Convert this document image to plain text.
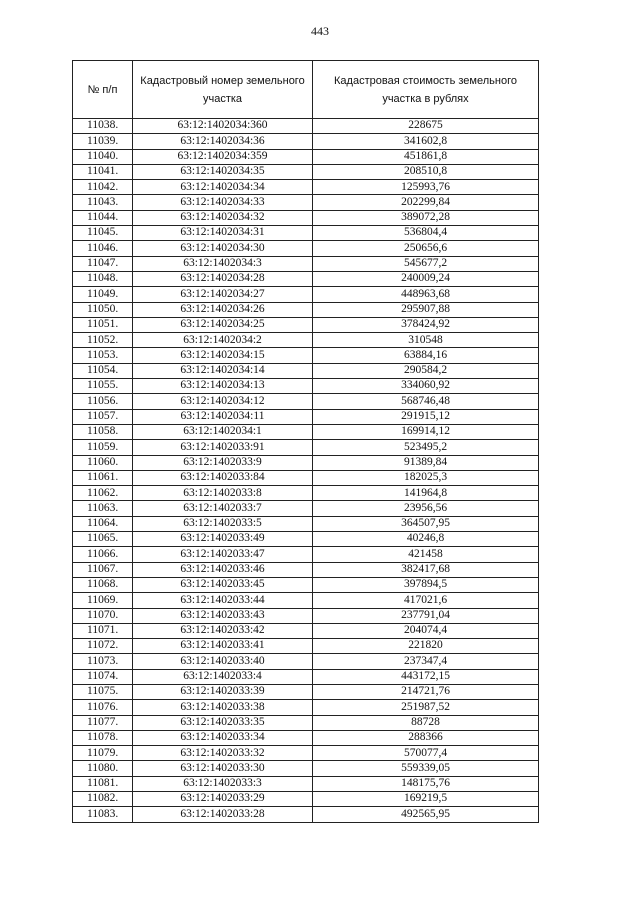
443
№ п/п	Кадастровый номер земельного участка	Кадастровая стоимость земельного участка в рублях
11038.	63:12:1402034:360	228675
11039.	63:12:1402034:36	341602,8
11040.	63:12:1402034:359	451861,8
11041.	63:12:1402034:35	208510,8
11042.	63:12:1402034:34	125993,76
11043.	63:12:1402034:33	202299,84
11044.	63:12:1402034:32	389072,28
11045.	63:12:1402034:31	536804,4
11046.	63:12:1402034:30	250656,6
11047.	63:12:1402034:3	545677,2
11048.	63:12:1402034:28	240009,24
11049.	63:12:1402034:27	448963,68
11050.	63:12:1402034:26	295907,88
11051.	63:12:1402034:25	378424,92
11052.	63:12:1402034:2	310548
11053.	63:12:1402034:15	63884,16
11054.	63:12:1402034:14	290584,2
11055.	63:12:1402034:13	334060,92
11056.	63:12:1402034:12	568746,48
11057.	63:12:1402034:11	291915,12
11058.	63:12:1402034:1	169914,12
11059.	63:12:1402033:91	523495,2
11060.	63:12:1402033:9	91389,84
11061.	63:12:1402033:84	182025,3
11062.	63:12:1402033:8	141964,8
11063.	63:12:1402033:7	23956,56
11064.	63:12:1402033:5	364507,95
11065.	63:12:1402033:49	40246,8
11066.	63:12:1402033:47	421458
11067.	63:12:1402033:46	382417,68
11068.	63:12:1402033:45	397894,5
11069.	63:12:1402033:44	417021,6
11070.	63:12:1402033:43	237791,04
11071.	63:12:1402033:42	204074,4
11072.	63:12:1402033:41	221820
11073.	63:12:1402033:40	237347,4
11074.	63:12:1402033:4	443172,15
11075.	63:12:1402033:39	214721,76
11076.	63:12:1402033:38	251987,52
11077.	63:12:1402033:35	88728
11078.	63:12:1402033:34	288366
11079.	63:12:1402033:32	570077,4
11080.	63:12:1402033:30	559339,05
11081.	63:12:1402033:3	148175,76
11082.	63:12:1402033:29	169219,5
11083.	63:12:1402033:28	492565,95
